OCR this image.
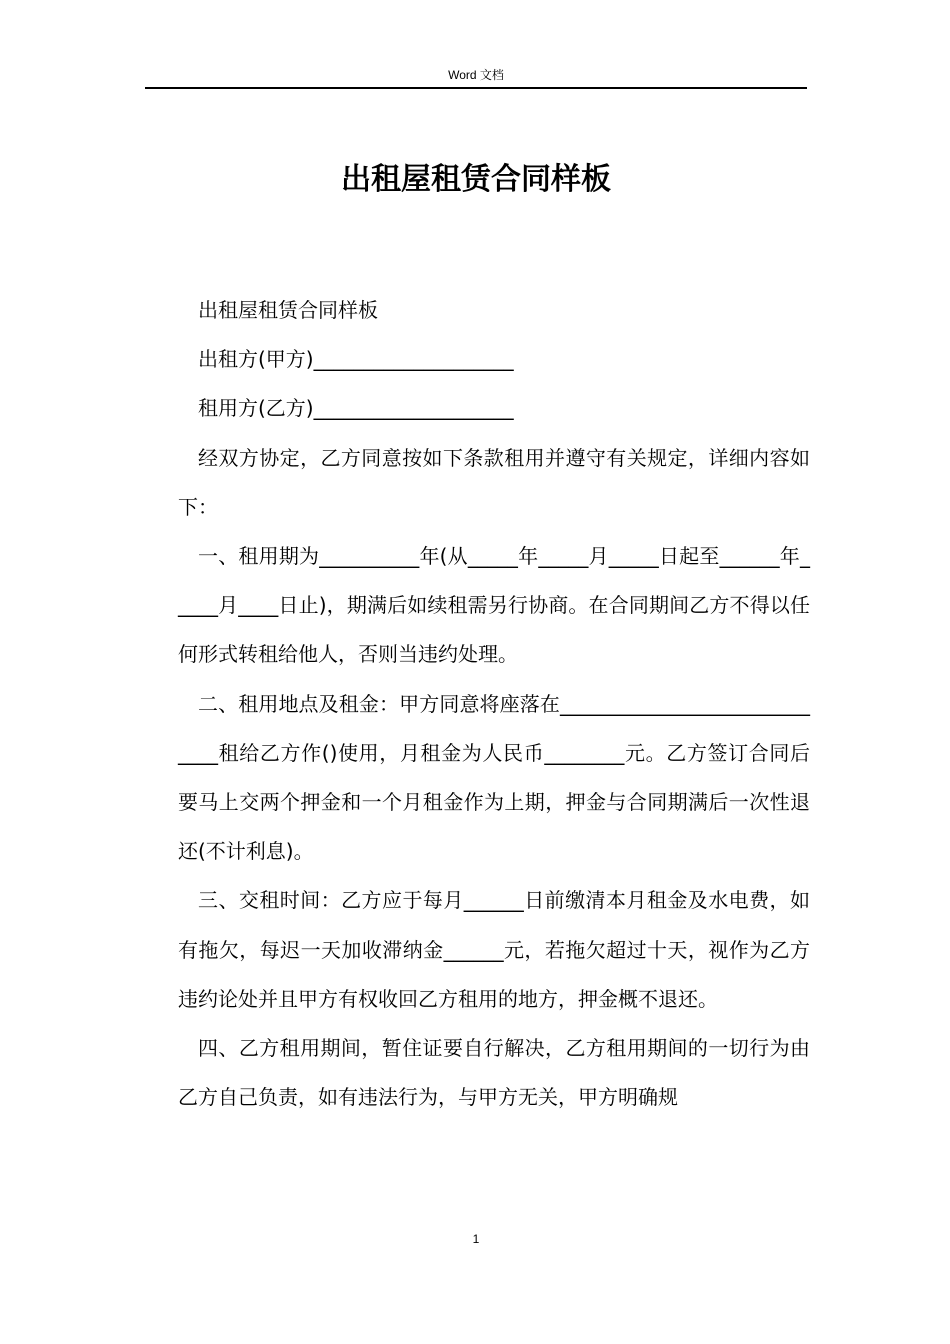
Word 文档
出租屋租赁合同样板

出租屋租赁合同样板

出租方(甲方)____________________

租用方(乙方)____________________

经双方协定，乙方同意按如下条款租用并遵守有关规定，详细内容如下：

一、租用期为__________年(从_____年_____月_____日起至______年_____月____日止)，期满后如续租需另行协商。在合同期间乙方不得以任何形式转租给他人，否则当违约处理。

二、租用地点及租金：甲方同意将座落在_____________________________租给乙方作()使用，月租金为人民币________元。乙方签订合同后要马上交两个押金和一个月租金作为上期，押金与合同期满后一次性退还(不计利息)。

三、交租时间：乙方应于每月______日前缴清本月租金及水电费，如有拖欠，每迟一天加收滞纳金______元，若拖欠超过十天，视作为乙方违约论处并且甲方有权收回乙方租用的地方，押金概不退还。

四、乙方租用期间，暂住证要自行解决，乙方租用期间的一切行为由乙方自己负责，如有违法行为，与甲方无关，甲方明确规

1
